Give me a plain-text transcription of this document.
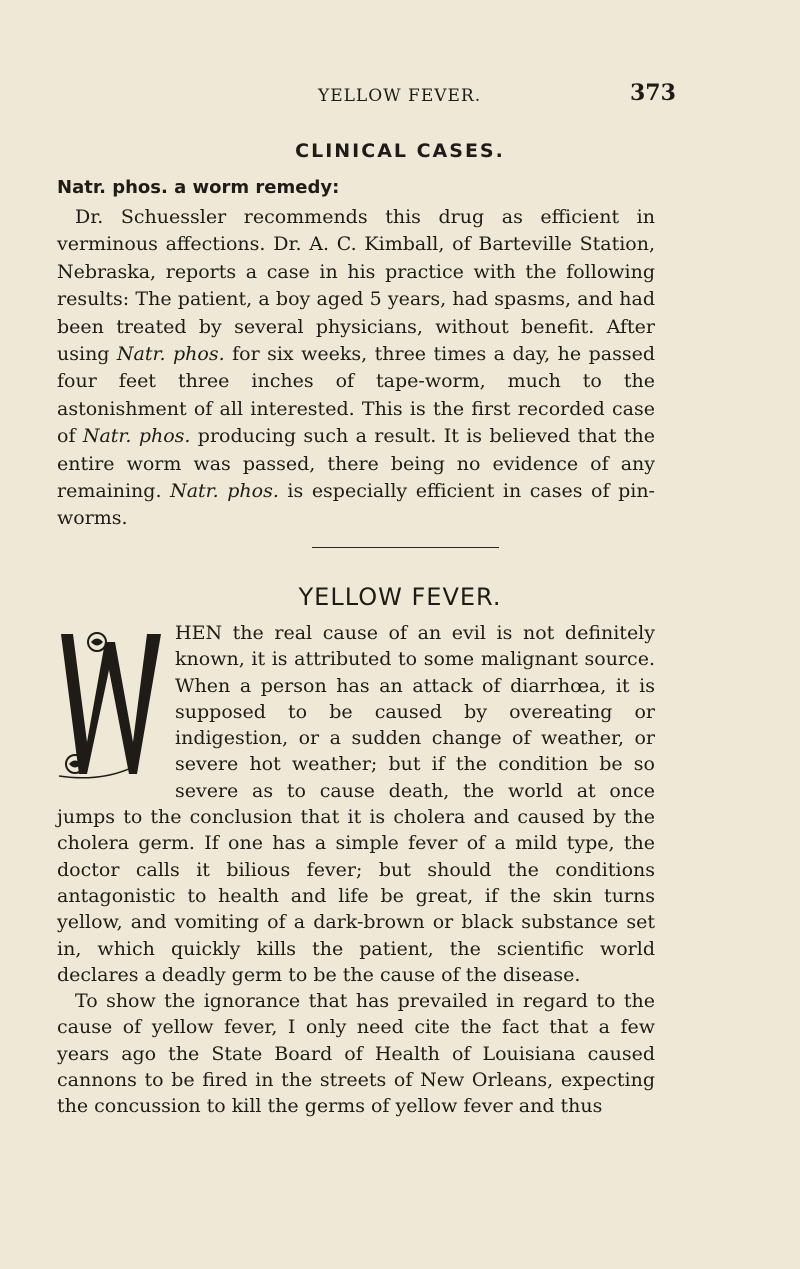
YELLOW FEVER.	373
CLINICAL CASES.
Natr. phos. a worm remedy:

Dr. Schuessler recommends this drug as efficient in verminous affections. Dr. A. C. Kimball, of Barteville Station, Nebraska, reports a case in his practice with the following results: The patient, a boy aged 5 years, had spasms, and had been treated by several physicians, without benefit. After using Natr. phos. for six weeks, three times a day, he passed four feet three inches of tape-worm, much to the astonishment of all interested. This is the first recorded case of Natr. phos. producing such a result. It is believed that the entire worm was passed, there being no evidence of any remaining. Natr. phos. is especially efficient in cases of pin-worms.

YELLOW FEVER.
W	HEN the real cause of an evil is not definitely known, it is attributed to some malignant source. When a person has an attack of diarrhœa, it is supposed to be caused by overeating or indigestion, or a sudden change of weather, or severe hot weather; but if the condition be so severe as to cause death, the world at once jumps to the conclusion that it is cholera and caused by the cholera germ. If one has a simple fever of a mild type, the doctor calls it bilious fever; but should the conditions antagonistic to health and life be great, if the skin turns yellow, and vomiting of a dark-brown or black substance set in, which quickly kills the patient, the scientific world declares a deadly germ to be the cause of the disease.

To show the ignorance that has prevailed in regard to the cause of yellow fever, I only need cite the fact that a few years ago the State Board of Health of Louisiana caused cannons to be fired in the streets of New Orleans, expecting the concussion to kill the germs of yellow fever and thus
